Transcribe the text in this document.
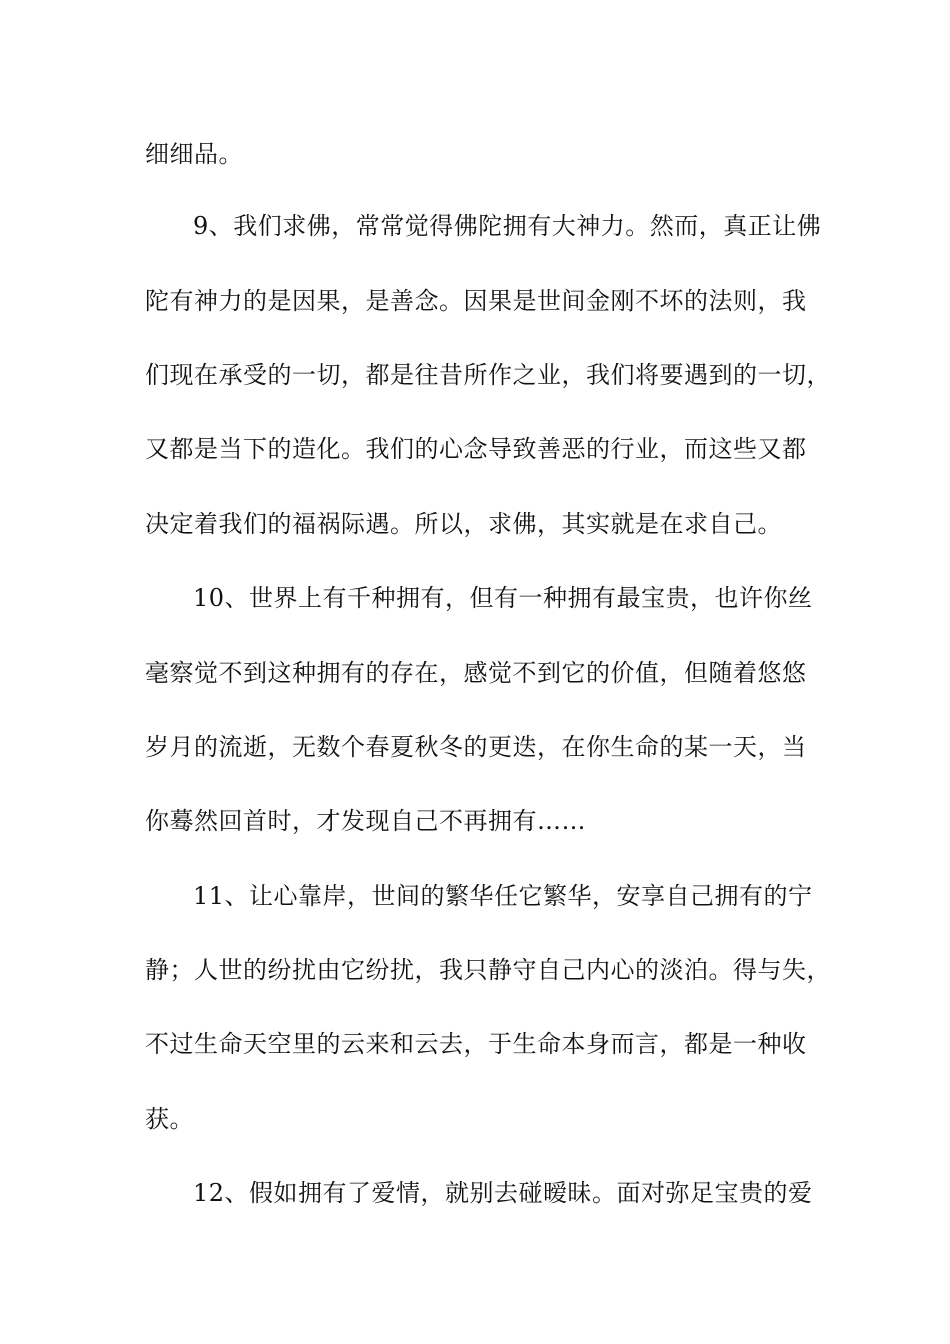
细细品。
9、我们求佛，常常觉得佛陀拥有大神力。然而，真正让佛
陀有神力的是因果，是善念。因果是世间金刚不坏的法则，我
们现在承受的一切，都是往昔所作之业，我们将要遇到的一切，
又都是当下的造化。我们的心念导致善恶的行业，而这些又都
决定着我们的福祸际遇。所以，求佛，其实就是在求自己。
10、世界上有千种拥有，但有一种拥有最宝贵，也许你丝
毫察觉不到这种拥有的存在，感觉不到它的价值，但随着悠悠
岁月的流逝，无数个春夏秋冬的更迭，在你生命的某一天，当
你蓦然回首时，才发现自己不再拥有……
11、让心靠岸，世间的繁华任它繁华，安享自己拥有的宁
静；人世的纷扰由它纷扰，我只静守自己内心的淡泊。得与失，
不过生命天空里的云来和云去，于生命本身而言，都是一种收
获。
12、假如拥有了爱情，就别去碰暧昧。面对弥足宝贵的爱
